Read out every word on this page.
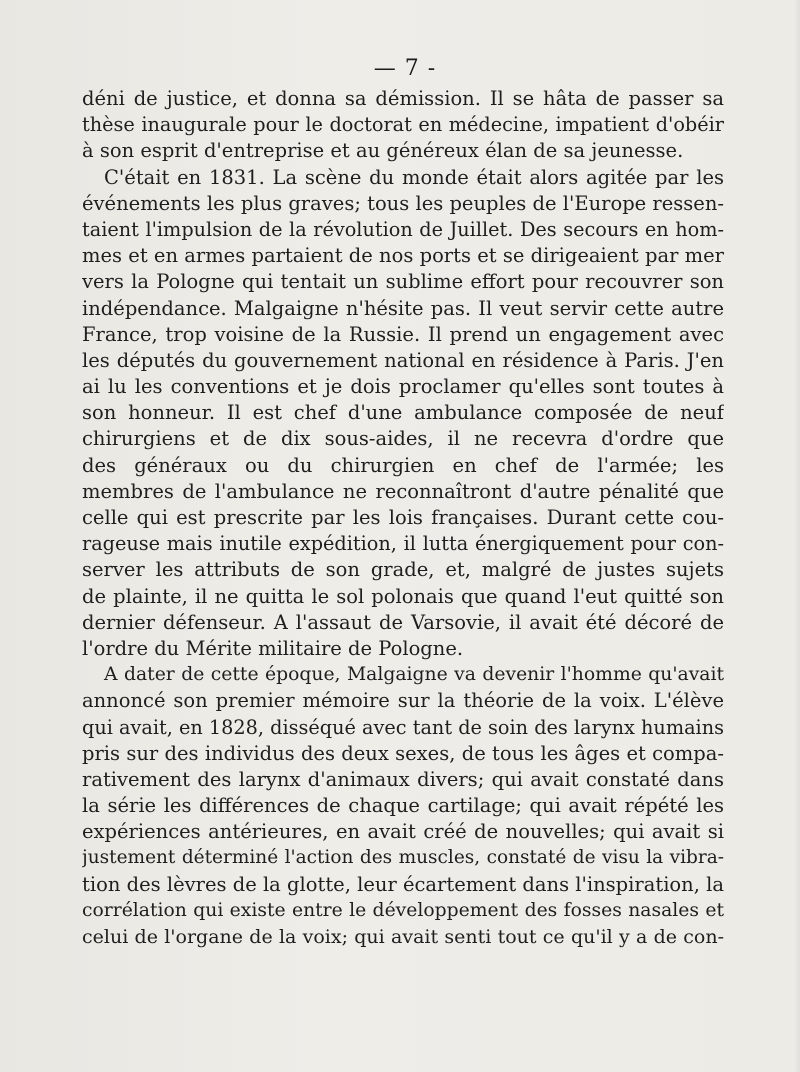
— 7 -
déni de justice, et donna sa démission. Il se hâta de passer sa
thèse inaugurale pour le doctorat en médecine, impatient d'obéir
à son esprit d'entreprise et au généreux élan de sa jeunesse.
C'était en 1831. La scène du monde était alors agitée par les
événements les plus graves; tous les peuples de l'Europe ressen-
taient l'impulsion de la révolution de Juillet. Des secours en hom-
mes et en armes partaient de nos ports et se dirigeaient par mer
vers la Pologne qui tentait un sublime effort pour recouvrer son
indépendance. Malgaigne n'hésite pas. Il veut servir cette autre
France, trop voisine de la Russie. Il prend un engagement avec
les députés du gouvernement national en résidence à Paris. J'en
ai lu les conventions et je dois proclamer qu'elles sont toutes à
son honneur. Il est chef d'une ambulance composée de neuf
chirurgiens et de dix sous-aides, il ne recevra d'ordre que
des généraux ou du chirurgien en chef de l'armée; les
membres de l'ambulance ne reconnaîtront d'autre pénalité que
celle qui est prescrite par les lois françaises. Durant cette cou-
rageuse mais inutile expédition, il lutta énergiquement pour con-
server les attributs de son grade, et, malgré de justes sujets
de plainte, il ne quitta le sol polonais que quand l'eut quitté son
dernier défenseur. A l'assaut de Varsovie, il avait été décoré de
l'ordre du Mérite militaire de Pologne.
A dater de cette époque, Malgaigne va devenir l'homme qu'avait
annoncé son premier mémoire sur la théorie de la voix. L'élève
qui avait, en 1828, disséqué avec tant de soin des larynx humains
pris sur des individus des deux sexes, de tous les âges et compa-
rativement des larynx d'animaux divers; qui avait constaté dans
la série les différences de chaque cartilage; qui avait répété les
expériences antérieures, en avait créé de nouvelles; qui avait si
justement déterminé l'action des muscles, constaté de visu la vibra-
tion des lèvres de la glotte, leur écartement dans l'inspiration, la
corrélation qui existe entre le développement des fosses nasales et
celui de l'organe de la voix; qui avait senti tout ce qu'il y a de con-
